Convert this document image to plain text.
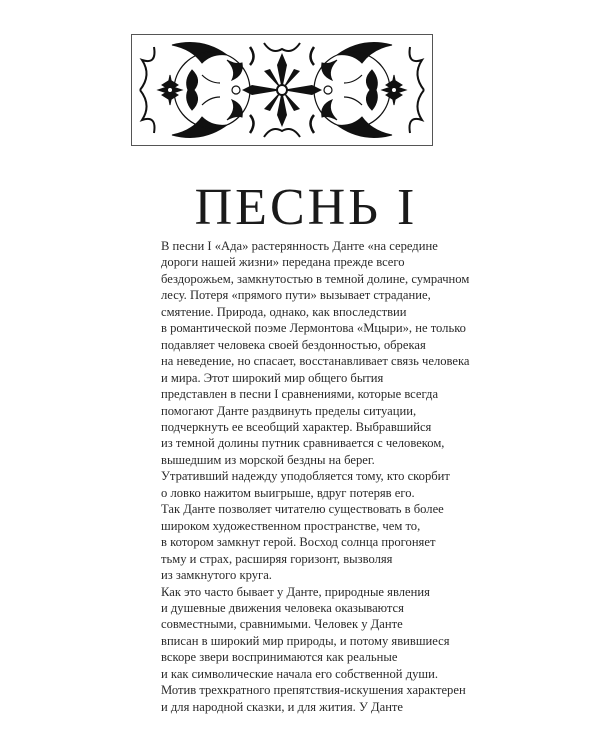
ПЕСНЬ I
В песни I «Ада» растерянность Данте «на середине
дороги нашей жизни» передана прежде всего
бездорожьем, замкнутостью в темной долине, сумрачном
лесу. Потеря «прямого пути» вызывает страдание,
смятение. Природа, однако, как впоследствии
в романтической поэме Лермонтова «Мцыри», не только
подавляет человека своей бездонностью, обрекая
на неведение, но спасает, восстанавливает связь человека
и мира. Этот широкий мир общего бытия
представлен в песни I сравнениями, которые всегда
помогают Данте раздвинуть пределы ситуации,
подчеркнуть ее всеобщий характер. Выбравшийся
из темной долины путник сравнивается с человеком,
вышедшим из морской бездны на берег.
Утративший надежду уподобляется тому, кто скорбит
о ловко нажитом выигрыше, вдруг потеряв его.
Так Данте позволяет читателю существовать в более
широком художественном пространстве, чем то,
в котором замкнут герой. Восход солнца прогоняет
тьму и страх, расширяя горизонт, вызволяя
из замкнутого круга.
Как это часто бывает у Данте, природные явления
и душевные движения человека оказываются
совместными, сравнимыми. Человек у Данте
вписан в широкий мир природы, и потому явившиеся
вскоре звери воспринимаются как реальные
и как символические начала его собственной души.
Мотив трехкратного препятствия-искушения характерен
и для народной сказки, и для жития. У Данте
